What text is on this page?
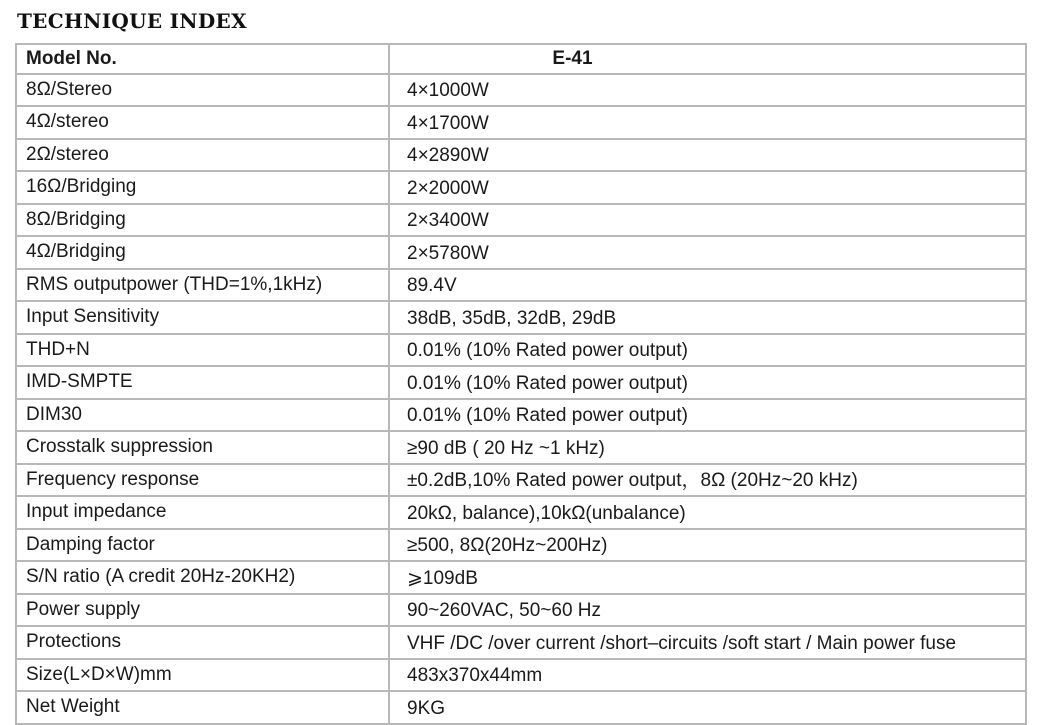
TECHNIQUE INDEX
Model No.	E-41
8Ω/Stereo	4×1000W
4Ω/stereo	4×1700W
2Ω/stereo	4×2890W
16Ω/Bridging	2×2000W
8Ω/Bridging	2×3400W
4Ω/Bridging	2×5780W
RMS outputpower (THD=1%,1kHz)	89.4V
Input Sensitivity	38dB, 35dB, 32dB, 29dB
THD+N	0.01% (10% Rated power output)
IMD-SMPTE	0.01% (10% Rated power output)
DIM30	0.01% (10% Rated power output)
Crosstalk suppression	≥90 dB ( 20 Hz ~1 kHz)
Frequency response	±0.2dB,10% Rated power output，8Ω (20Hz~20 kHz)
Input impedance	20kΩ, balance),10kΩ(unbalance)
Damping factor	≥500, 8Ω(20Hz~200Hz)
S/N ratio (A credit 20Hz-20KH2)	⩾109dB
Power supply	90~260VAC, 50~60 Hz
Protections	VHF /DC /over current /short–circuits /soft start / Main power fuse
Size(L×D×W)mm	483x370x44mm
Net Weight	9KG
